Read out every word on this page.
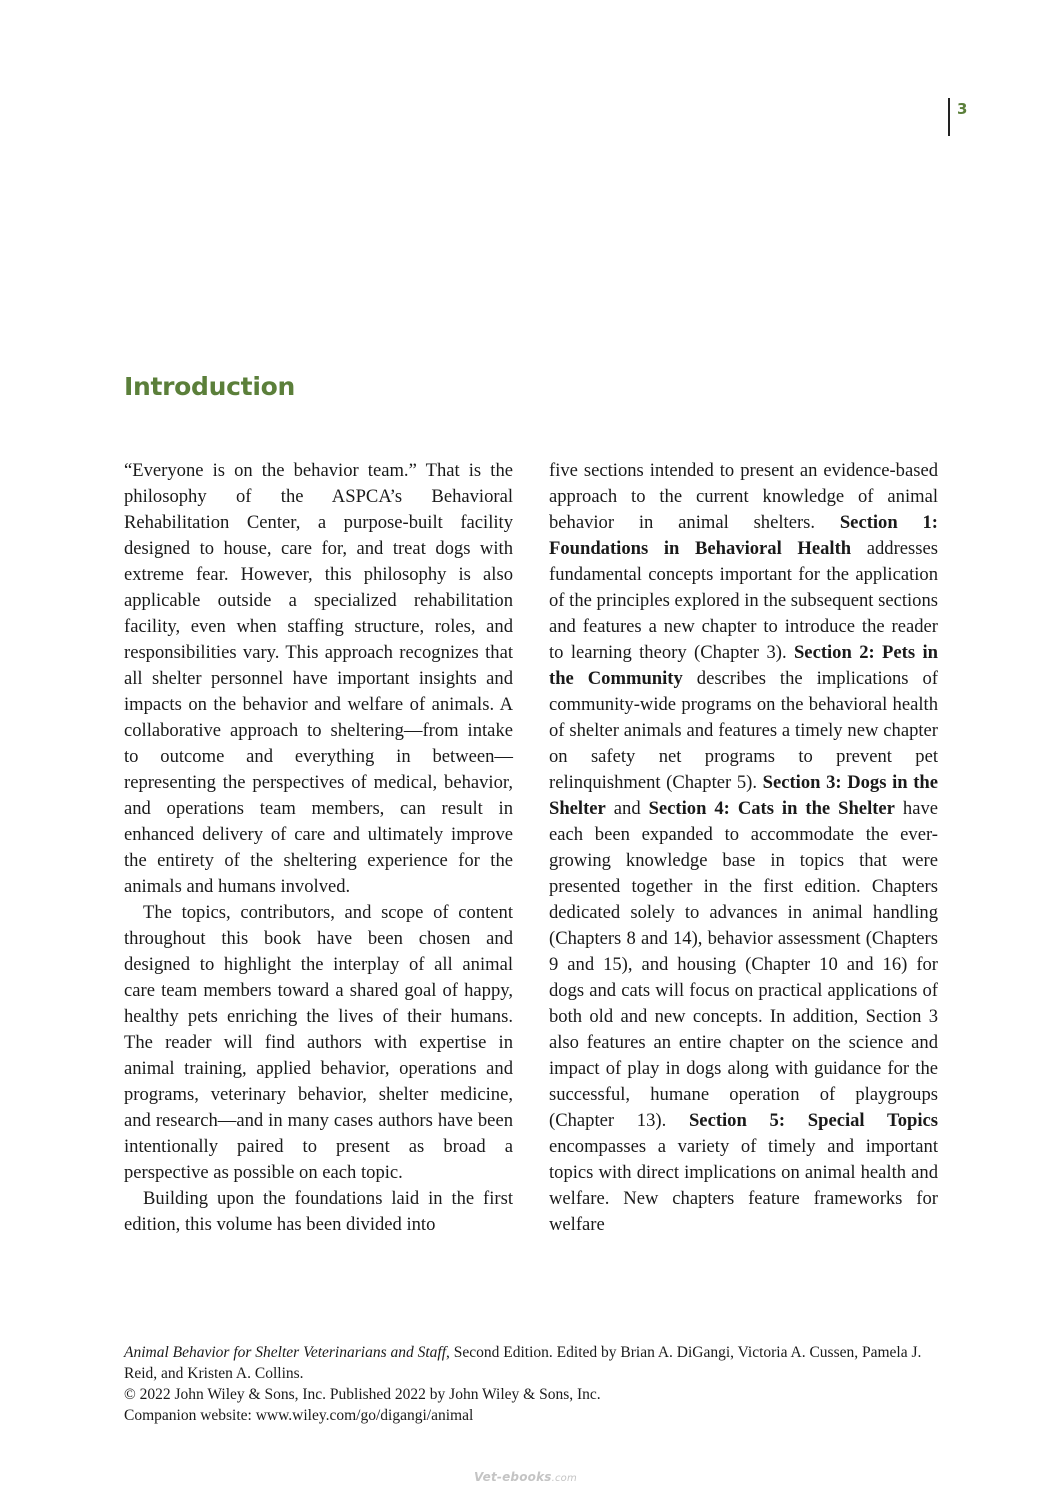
3
Introduction

“Everyone is on the behavior team.” That is the philosophy of the ASPCA’s Behavioral Rehabilitation Center, a purpose-built facility designed to house, care for, and treat dogs with extreme fear. However, this philosophy is also applicable outside a specialized rehabilitation facility, even when staffing structure, roles, and responsibilities vary. This approach recognizes that all shelter personnel have important insights and impacts on the behavior and welfare of animals. A collaborative approach to sheltering—from intake to outcome and everything in between—representing the perspectives of medical, behavior, and operations team members, can result in enhanced delivery of care and ultimately improve the entirety of the sheltering experience for the animals and humans involved.

The topics, contributors, and scope of content throughout this book have been chosen and designed to highlight the interplay of all animal care team members toward a shared goal of happy, healthy pets enriching the lives of their humans. The reader will find authors with expertise in animal training, applied behavior, operations and programs, veterinary behavior, shelter medicine, and research—and in many cases authors have been intentionally paired to present as broad a perspective as possible on each topic.

Building upon the foundations laid in the first edition, this volume has been divided into

five sections intended to present an evidence-based approach to the current knowledge of animal behavior in animal shelters. Section 1: Foundations in Behavioral Health addresses fundamental concepts important for the application of the principles explored in the subsequent sections and features a new chapter to introduce the reader to learning theory (Chapter 3). Section 2: Pets in the Community describes the implications of community-wide programs on the behavioral health of shelter animals and features a timely new chapter on safety net programs to prevent pet relinquishment (Chapter 5). Section 3: Dogs in the Shelter and Section 4: Cats in the Shelter have each been expanded to accommodate the ever-growing knowledge base in topics that were presented together in the first edition. Chapters dedicated solely to advances in animal handling (Chapters 8 and 14), behavior assessment (Chapters 9 and 15), and housing (Chapter 10 and 16) for dogs and cats will focus on practical applications of both old and new concepts. In addition, Section 3 also features an entire chapter on the science and impact of play in dogs along with guidance for the successful, humane operation of playgroups (Chapter 13). Section 5: Special Topics encompasses a variety of timely and important topics with direct implications on animal health and welfare. New chapters feature frameworks for welfare

Animal Behavior for Shelter Veterinarians and Staff, Second Edition. Edited by Brian A. DiGangi, Victoria A. Cussen, Pamela J. Reid, and Kristen A. Collins.
© 2022 John Wiley & Sons, Inc. Published 2022 by John Wiley & Sons, Inc.
Companion website: www.wiley.com/go/digangi/animal
Vet-ebooks.com
